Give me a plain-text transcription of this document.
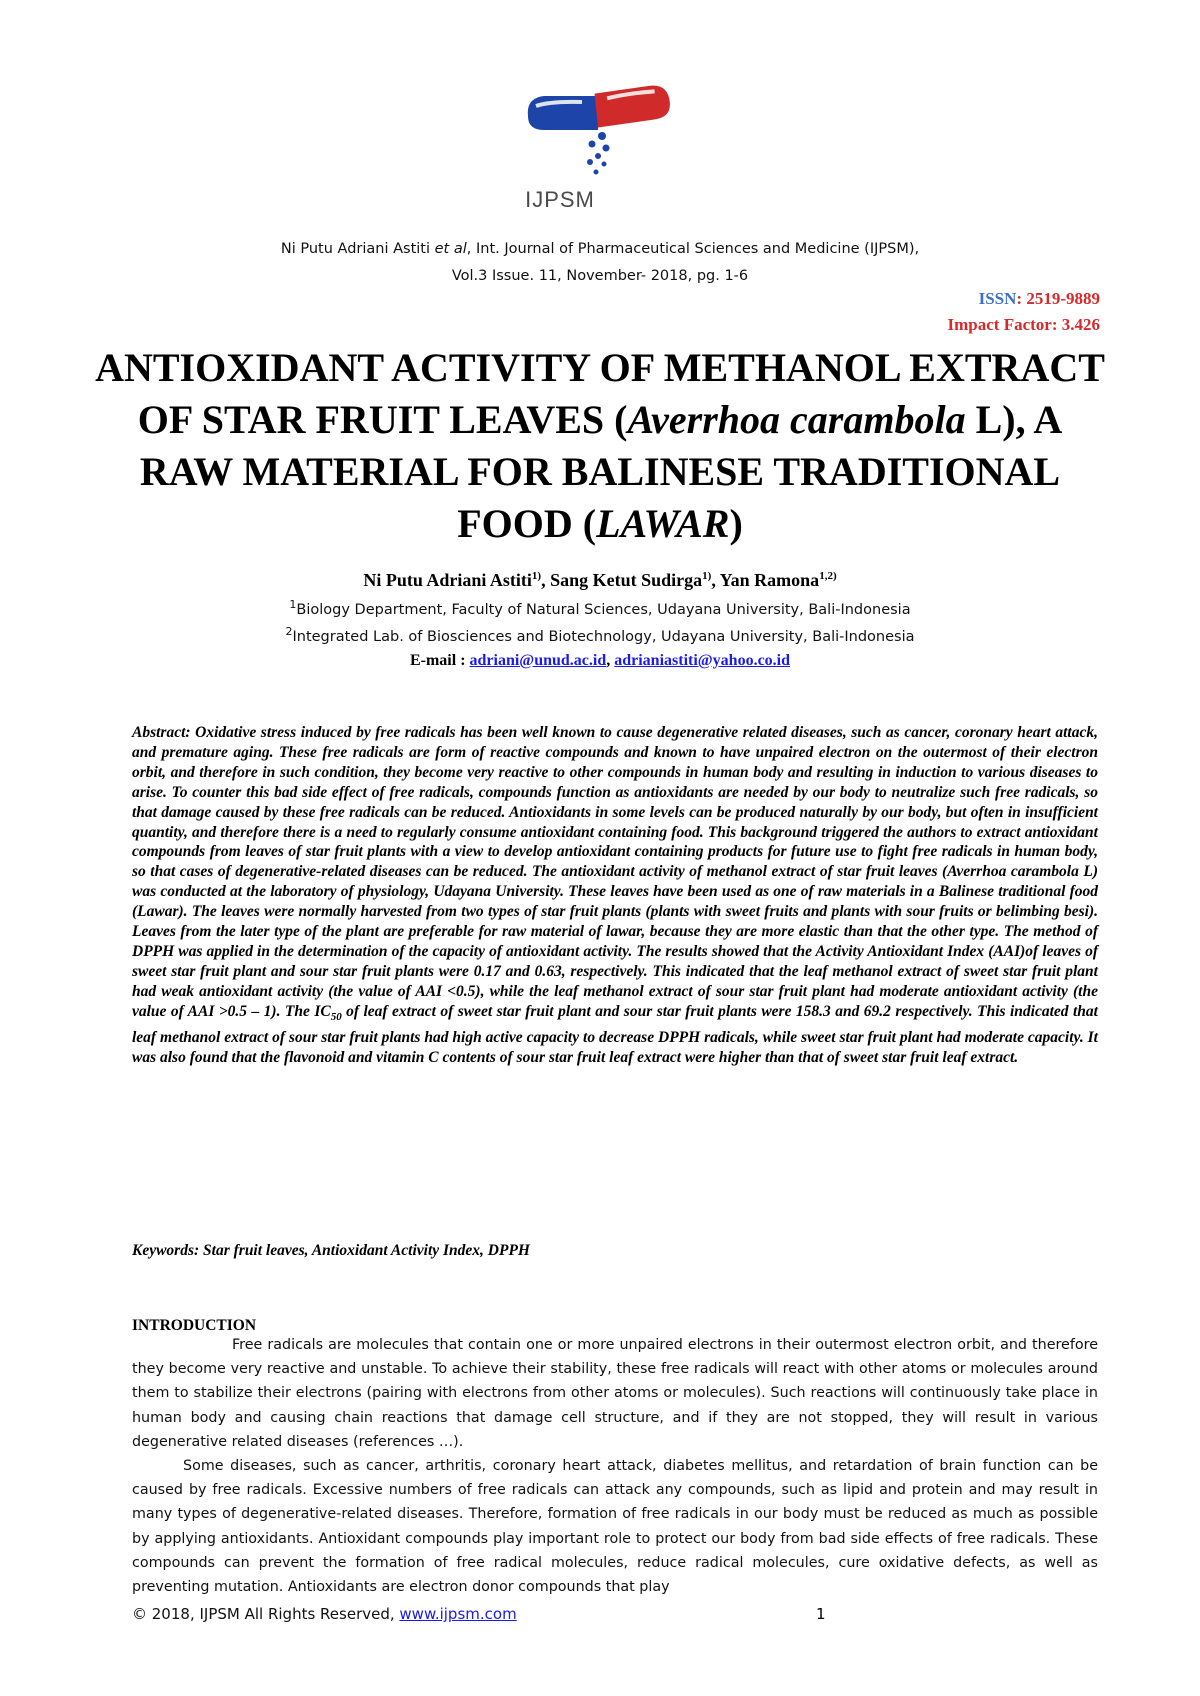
IJPSM
Ni Putu Adriani Astiti et al, Int. Journal of Pharmaceutical Sciences and Medicine (IJPSM),
Vol.3 Issue. 11, November- 2018, pg. 1-6
ISSN: 2519-9889
Impact Factor: 3.426
ANTIOXIDANT ACTIVITY OF METHANOL EXTRACT OF STAR FRUIT LEAVES (Averrhoa carambola L), A RAW MATERIAL FOR BALINESE TRADITIONAL FOOD (LAWAR)
Ni Putu Adriani Astiti$^{1)}$, Sang Ketut Sudirga$^{1)}$, Yan Ramona$^{1,2)}$
$^1$Biology Department, Faculty of Natural Sciences, Udayana University, Bali-Indonesia
$^2$Integrated Lab. of Biosciences and Biotechnology, Udayana University, Bali-Indonesia
E-mail : adriani@unud.ac.id, adrianiastiti@yahoo.co.id
Abstract: Oxidative stress induced by free radicals has been well known to cause degenerative related diseases, such as cancer, coronary heart attack, and premature aging. These free radicals are form of reactive compounds and known to have unpaired electron on the outermost of their electron orbit, and therefore in such condition, they become very reactive to other compounds in human body and resulting in induction to various diseases to arise. To counter this bad side effect of free radicals, compounds function as antioxidants are needed by our body to neutralize such free radicals, so that damage caused by these free radicals can be reduced. Antioxidants in some levels can be produced naturally by our body, but often in insufficient quantity, and therefore there is a need to regularly consume antioxidant containing food. This background triggered the authors to extract antioxidant compounds from leaves of star fruit plants with a view to develop antioxidant containing products for future use to fight free radicals in human body, so that cases of degenerative-related diseases can be reduced. The antioxidant activity of methanol extract of star fruit leaves (Averrhoa carambola L) was conducted at the laboratory of physiology, Udayana University. These leaves have been used as one of raw materials in a Balinese traditional food (Lawar). The leaves were normally harvested from two types of star fruit plants (plants with sweet fruits and plants with sour fruits or belimbing besi). Leaves from the later type of the plant are preferable for raw material of lawar, because they are more elastic than that the other type. The method of DPPH was applied in the determination of the capacity of antioxidant activity. The results showed that the Activity Antioxidant Index (AAI)of leaves of sweet star fruit plant and sour star fruit plants were 0.17 and 0.63, respectively. This indicated that the leaf methanol extract of sweet star fruit plant had weak antioxidant activity (the value of AAI <0.5), while the leaf methanol extract of sour star fruit plant had moderate antioxidant activity (the value of AAI >0.5 – 1). The $IC_{50}$ of leaf extract of sweet star fruit plant and sour star fruit plants were 158.3 and 69.2 respectively. This indicated that leaf methanol extract of sour star fruit plants had high active capacity to decrease DPPH radicals, while sweet star fruit plant had moderate capacity. It was also found that the flavonoid and vitamin C contents of sour star fruit leaf extract were higher than that of sweet star fruit leaf extract.
Keywords: Star fruit leaves, Antioxidant Activity Index, DPPH
INTRODUCTION
Free radicals are molecules that contain one or more unpaired electrons in their outermost electron orbit, and therefore they become very reactive and unstable. To achieve their stability, these free radicals will react with other atoms or molecules around them to stabilize their electrons (pairing with electrons from other atoms or molecules). Such reactions will continuously take place in human body and causing chain reactions that damage cell structure, and if they are not stopped, they will result in various degenerative related diseases (references …).
Some diseases, such as cancer, arthritis, coronary heart attack, diabetes mellitus, and retardation of brain function can be caused by free radicals. Excessive numbers of free radicals can attack any compounds, such as lipid and protein and may result in many types of degenerative-related diseases. Therefore, formation of free radicals in our body must be reduced as much as possible by applying antioxidants. Antioxidant compounds play important role to protect our body from bad side effects of free radicals. These compounds can prevent the formation of free radical molecules, reduce radical molecules, cure oxidative defects, as well as preventing mutation. Antioxidants are electron donor compounds that play
© 2018, IJPSM All Rights Reserved, www.ijpsm.com	1
